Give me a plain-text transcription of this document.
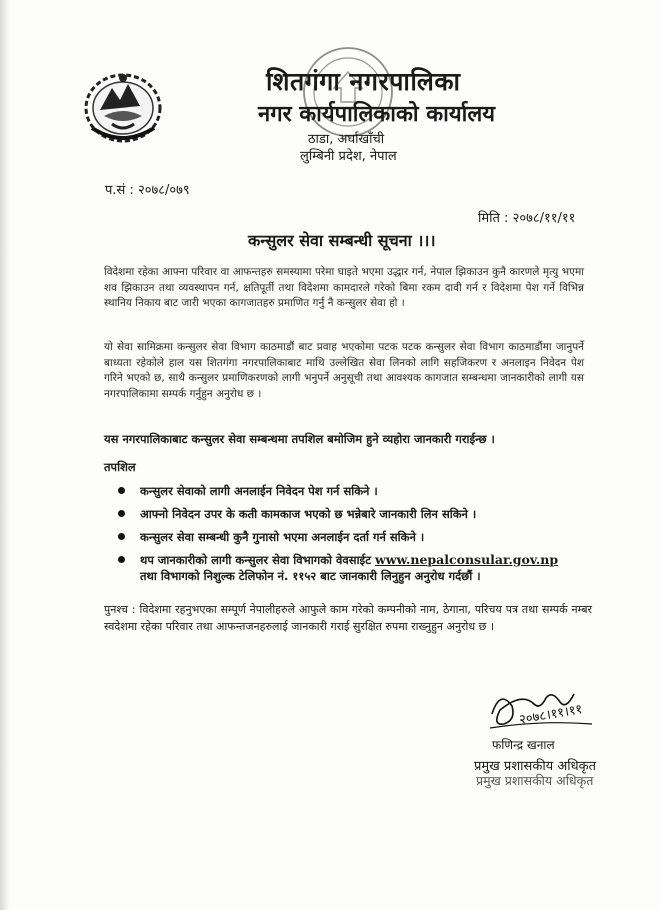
शितगंगा नगरपालिका
नगर कार्यपालिकाको कार्यालय
ठाडा, अर्घाखाँची
लुम्बिनी प्रदेश, नेपाल
प.सं : २०७८/०७९
मिति : २०७८/११/११
कन्सुलर सेवा सम्बन्धी सूचना ।।।
विदेशमा रहेका आफ्ना परिवार वा आफन्तहरु समस्यामा परेमा घाइते भएमा उद्धार गर्न, नेपाल झिकाउन कुनै कारणले मृत्यु भएमा शव झिकाउन तथा व्यवस्थापन गर्न, क्षतिपूर्ती तथा विदेशमा कामदारले गरेको बिमा रकम दावी गर्न र विदेशमा पेश गर्ने विभिन्न स्थानिय निकाय बाट जारी भएका कागजातहरु प्रमाणित गर्नु नै कन्सुलर सेवा हो ।
यो सेवा सामिक्रमा कन्सुलर सेवा विभाग काठमाडौं बाट प्रवाह भएकोमा पटक पटक कन्सुलर सेवा विभाग काठमाडौंमा जानुपर्ने बाध्यता रहेकोले हाल यस शितगंगा नगरपालिकाबाट माथि उल्लेखित सेवा लिनको लागि सहजिकरण र अनलाइन निवेदन पेश गरिने भएको छ, साथै कन्सुलर प्रमाणिकरणको लागी भनुपर्ने अनुसूची तथा आवश्यक कागजात सम्बन्धमा जानकारीको लागी यस नगरपालिकामा सम्पर्क गर्नुहुन अनुरोध छ ।
यस नगरपालिकाबाट कन्सुलर सेवा सम्बन्धमा तपशिल बमोजिम हुने व्यहोरा जानकारी गराईन्छ ।
तपशिल
कन्सुलर सेवाको लागी अनलाईन निवेदन पेश गर्न सकिने ।
आफ्नो निवेदन उपर के कती कामकाज भएको छ भन्नेबारे जानकारी लिन सकिने ।
कन्सुलर सेवा सम्बन्धी कुनै गुनासो भएमा अनलाईन दर्ता गर्न सकिने ।
थप जानकारीको लागी कन्सुलर सेवा विभागको वेवसाईट www.nepalconsular.gov.np
तथा विभागको निशुल्क टेलिफोन नं. ११५२ बाट जानकारी लिनुहुन अनुरोध गर्दछौं ।
पुनश्च : विदेशमा रहनुभएका सम्पूर्ण नेपालीहरुले आफुले काम गरेको कम्पनीको नाम, ठेगाना, परिचय पत्र तथा सम्पर्क नम्बर स्वदेशमा रहेका परिवार तथा आफन्तजनहरुलाई जानकारी गराई सुरक्षित रुपमा राख्नुहुन अनुरोध छ ।
२०७८।११।११
फणिन्द्र खनाल
प्रमुख प्रशासकीय अधिकृत
प्रमुख प्रशासकीय अधिकृत
